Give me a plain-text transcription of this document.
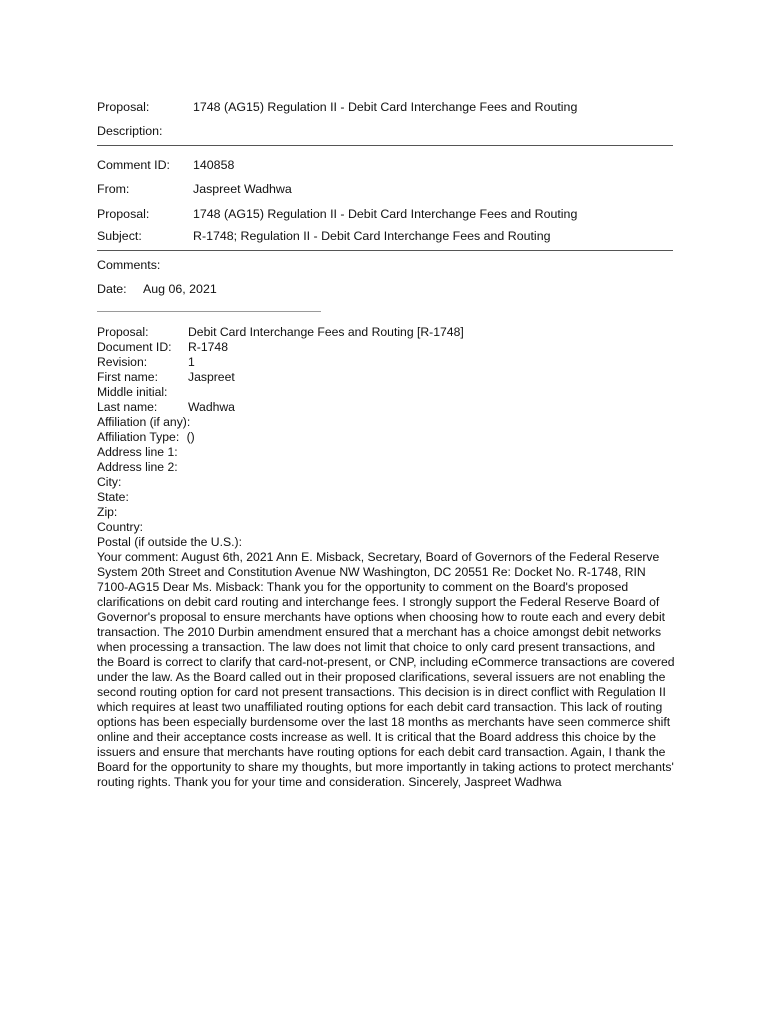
Proposal:	1748 (AG15) Regulation II - Debit Card Interchange Fees and Routing
Description:
Comment ID: 140858
From:	Jaspreet Wadhwa
Proposal:	1748 (AG15) Regulation II - Debit Card Interchange Fees and Routing
Subject:	R-1748; Regulation II - Debit Card Interchange Fees and Routing
Comments:
Date: Aug 06, 2021
Proposal:	Debit Card Interchange Fees and Routing [R-1748]
Document ID: R-1748
Revision:	1
First name: Jaspreet
Middle initial:
Last name:	Wadhwa
Affiliation (if any):
Affiliation Type: ()
Address line 1:
Address line 2:
City:
State:
Zip:
Country:
Postal (if outside the U.S.):
Your comment: August 6th, 2021 Ann E. Misback, Secretary, Board of Governors of the Federal Reserve System 20th Street and Constitution Avenue NW Washington, DC 20551 Re: Docket No. R-1748, RIN 7100-AG15 Dear Ms. Misback: Thank you for the opportunity to comment on the Board's proposed clarifications on debit card routing and interchange fees. I strongly support the Federal Reserve Board of Governor's proposal to ensure merchants have options when choosing how to route each and every debit transaction. The 2010 Durbin amendment ensured that a merchant has a choice amongst debit networks when processing a transaction. The law does not limit that choice to only card present transactions, and the Board is correct to clarify that card-not-present, or CNP, including eCommerce transactions are covered under the law. As the Board called out in their proposed clarifications, several issuers are not enabling the second routing option for card not present transactions. This decision is in direct conflict with Regulation II which requires at least two unaffiliated routing options for each debit card transaction. This lack of routing options has been especially burdensome over the last 18 months as merchants have seen commerce shift online and their acceptance costs increase as well. It is critical that the Board address this choice by the issuers and ensure that merchants have routing options for each debit card transaction. Again, I thank the Board for the opportunity to share my thoughts, but more importantly in taking actions to protect merchants' routing rights. Thank you for your time and consideration. Sincerely, Jaspreet Wadhwa
